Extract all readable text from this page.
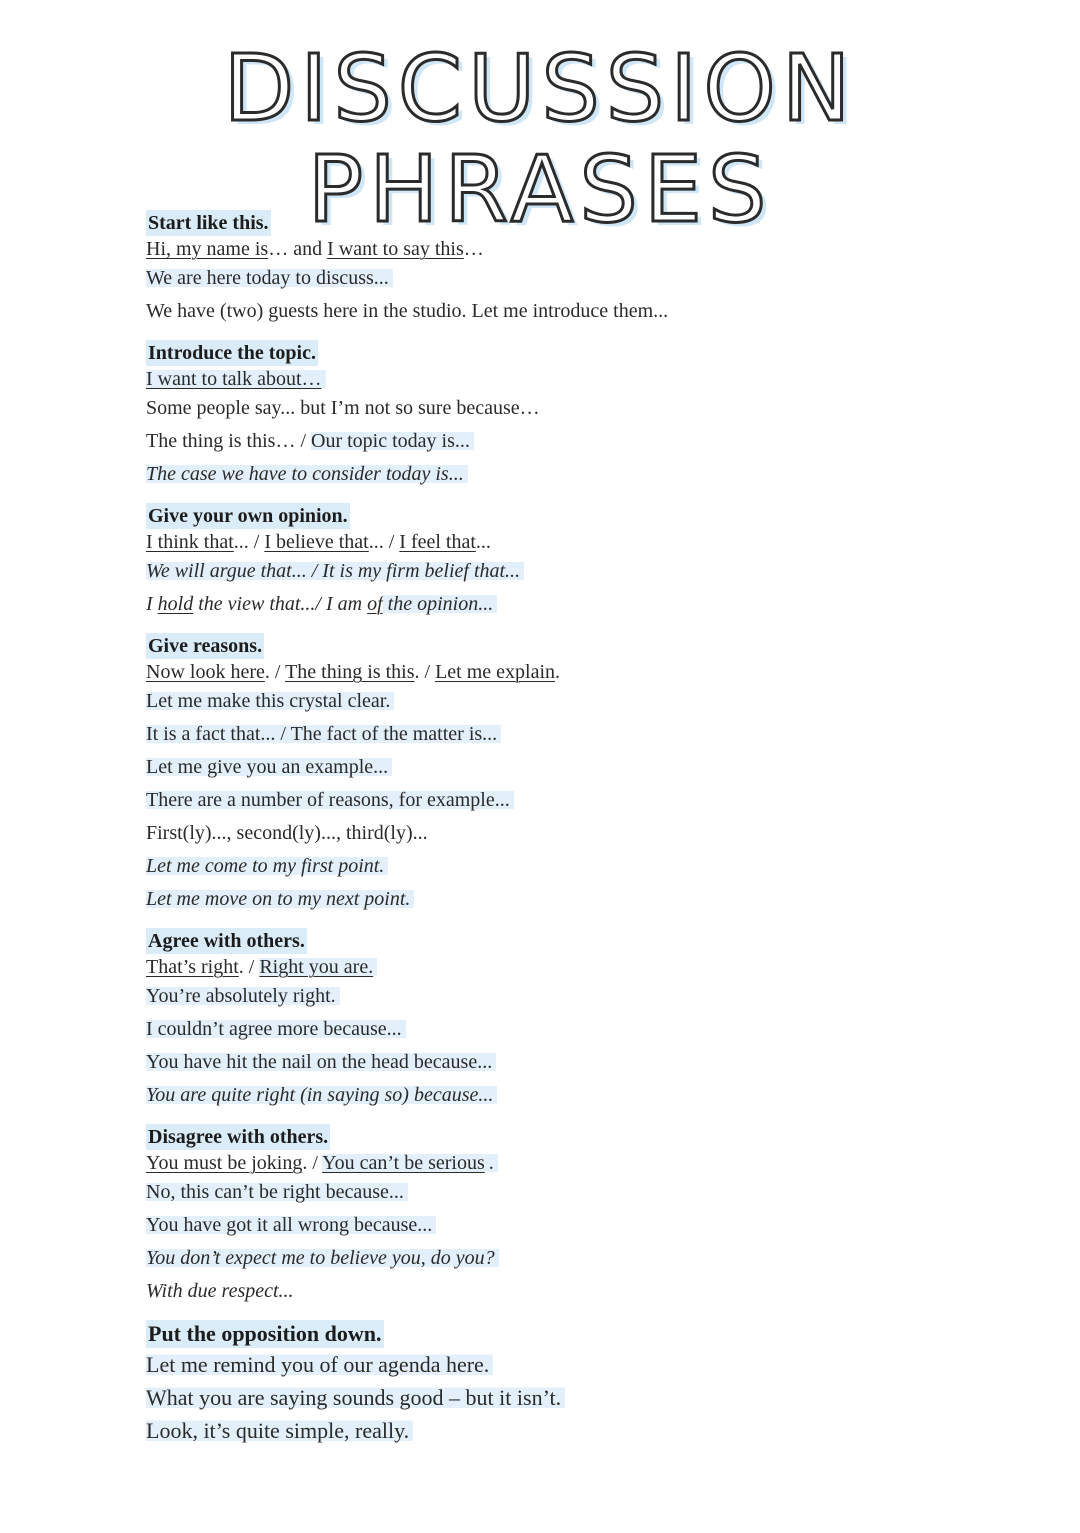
DISCUSSION PHRASES
Start like this.
Hi, my name is… and I want to say this…
We are here today to discuss...
We have (two) guests here in the studio. Let me introduce them...
Introduce the topic.
I want to talk about…
Some people say... but I’m not so sure because…
The thing is this… / Our topic today is...
The case we have to consider today is...
Give your own opinion.
I think that... / I believe that... / I feel that...
We will argue that... / It is my firm belief that...
I hold the view that.../ I am of the opinion...
Give reasons.
Now look here. / The thing is this. / Let me explain.
Let me make this crystal clear.
It is a fact that... / The fact of the matter is...
Let me give you an example...
There are a number of reasons, for example...
First(ly)..., second(ly)..., third(ly)...
Let me come to my first point.
Let me move on to my next point.
Agree with others.
That’s right. / Right you are.
You’re absolutely right.
I couldn’t agree more because...
You have hit the nail on the head because...
You are quite right (in saying so) because...
Disagree with others.
You must be joking. / You can’t be serious .
No, this can’t be right because...
You have got it all wrong because...
You don’t expect me to believe you, do you?
With due respect...
Put the opposition down.
Let me remind you of our agenda here.
What you are saying sounds good – but it isn’t.
Look, it’s quite simple, really.
